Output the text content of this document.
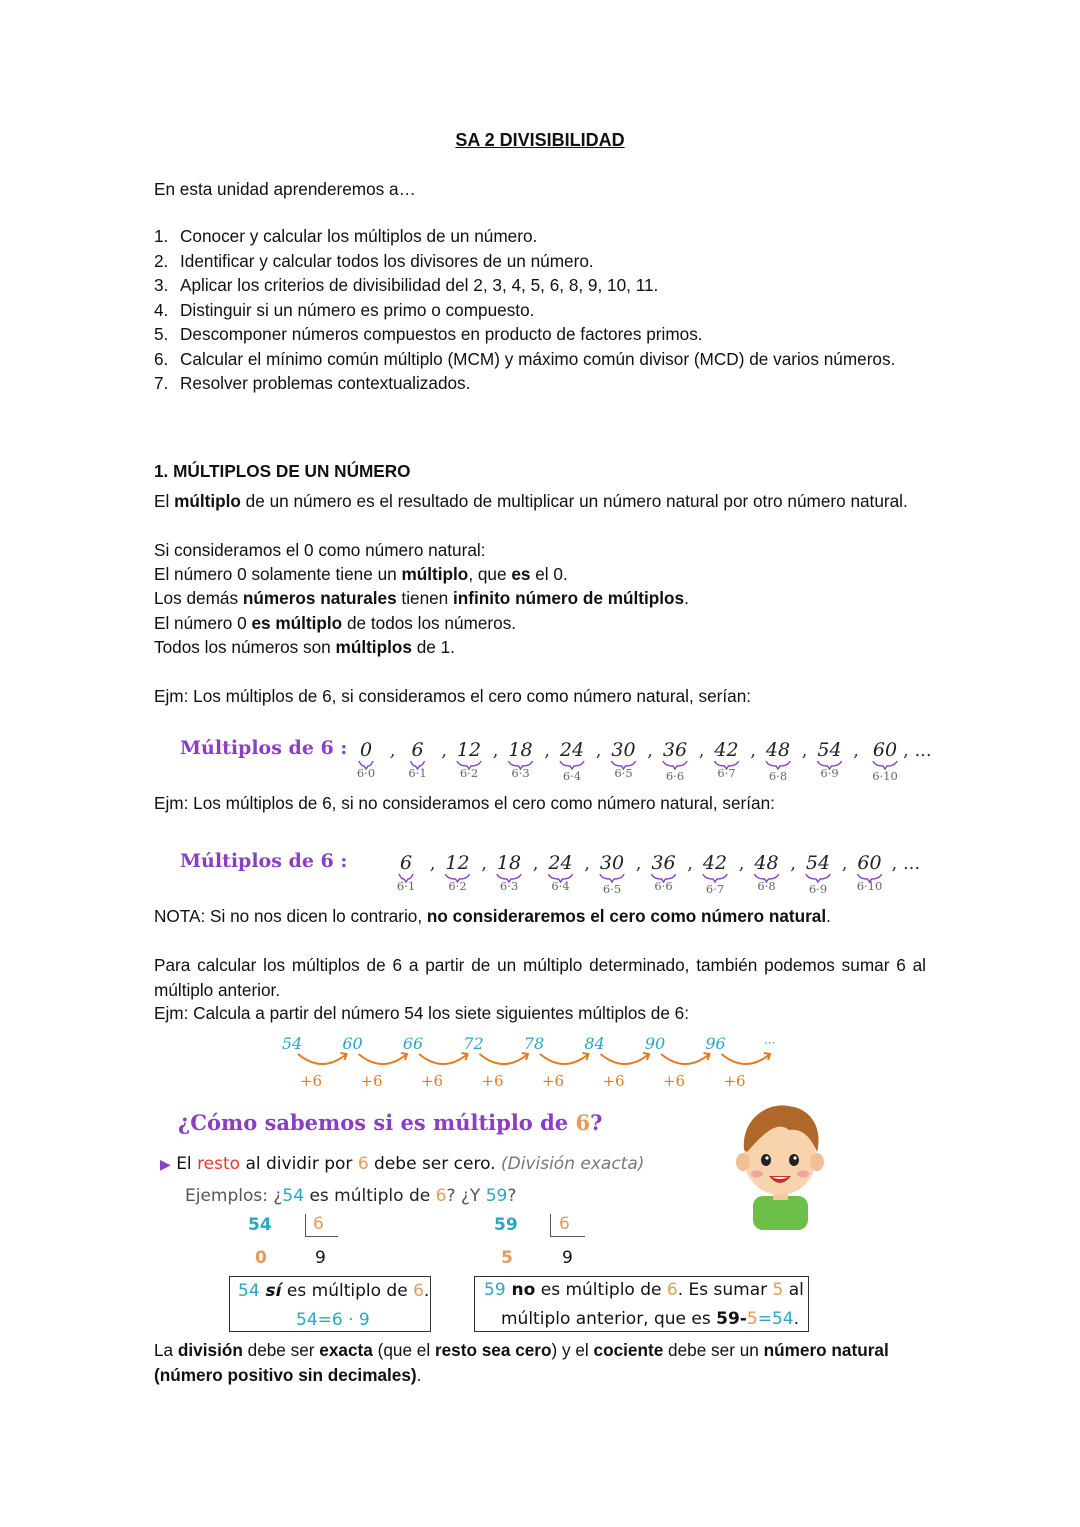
SA 2 DIVISIBILIDAD
En esta unidad aprenderemos a…
1. Conocer y calcular los múltiplos de un número.
2. Identificar y calcular todos los divisores de un número.
3. Aplicar los criterios de divisibilidad del 2, 3, 4, 5, 6, 8, 9, 10, 11.
4. Distinguir si un número es primo o compuesto.
5. Descomponer números compuestos en producto de factores primos.
6. Calcular el mínimo común múltiplo (MCM) y máximo común divisor (MCD) de varios números.
7. Resolver problemas contextualizados.
1. MÚLTIPLOS DE UN NÚMERO
El múltiplo de un número es el resultado de multiplicar un número natural por otro número natural.
Si consideramos el 0 como número natural:
El número 0 solamente tiene un múltiplo, que es el 0.
Los demás números naturales tienen infinito número de múltiplos.
El número 0 es múltiplo de todos los números.
Todos los números son múltiplos de 1.
Ejm: Los múltiplos de 6, si consideramos el cero como número natural, serían:
Múltiplos de 6 : 0
6·0
, 6
6·1
, 12
6·2
, 18
6·3
, 24
6·4
, 30
6·5
, 36
6·6
, 42
6·7
, 48
6·8
, 54
6·9
, 60
6·10
, ...
Ejm: Los múltiplos de 6, si no consideramos el cero como número natural, serían:
Múltiplos de 6 :	6
6·1
, 12
6·2
, 18
6·3
, 24
6·4
, 30
6·5
, 36
6·6
, 42
6·7
, 48
6·8
, 54
6·9
, 60
6·10
, ...
NOTA: Si no nos dicen lo contrario, no consideraremos el cero como número natural.
Para calcular los múltiplos de 6 a partir de un múltiplo determinado, también podemos sumar 6 al múltiplo anterior.
Ejm: Calcula a partir del número 54 los siete siguientes múltiplos de 6:
54
+6
60
+6
66
+6
72
+6
78
+6
84
+6
90
+6
96
+6
···
¿Cómo sabemos si es múltiplo de 6?
▶ El resto al dividir por 6 debe ser cero. (División exacta)
Ejemplos: ¿54 es múltiplo de 6? ¿Y 59?
54 6
0	9
59 6
5	9
54 sí es múltiplo de 6.
54=6 · 9
59 no es múltiplo de 6. Es sumar 5 al
múltiplo anterior, que es 59-5=54.
La división debe ser exacta (que el resto sea cero) y el cociente debe ser un número natural
(número positivo sin decimales).
